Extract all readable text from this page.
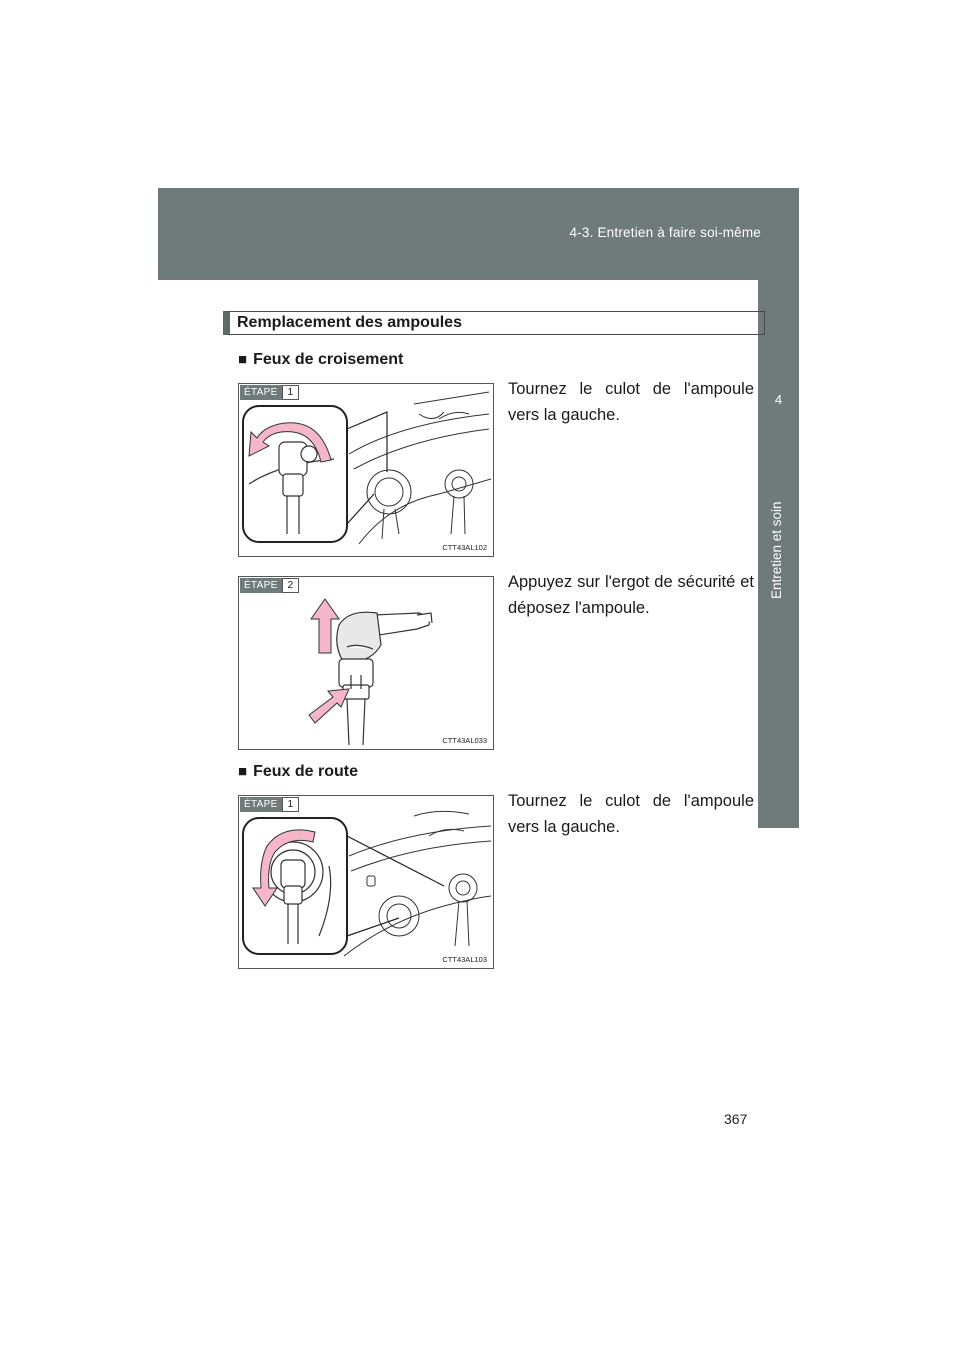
4-3. Entretien à faire soi-même
4
Entretien et soin
Remplacement des ampoules
■ Feux de croisement
ÉTAPE	1
CTT43AL102
Tournez le culot de l'ampoule vers la gauche.
ÉTAPE	2
CTT43AL033
Appuyez sur l'ergot de sécurité et déposez l'ampoule.
■ Feux de route
ÉTAPE	1
CTT43AL103
Tournez le culot de l'ampoule vers la gauche.
367
